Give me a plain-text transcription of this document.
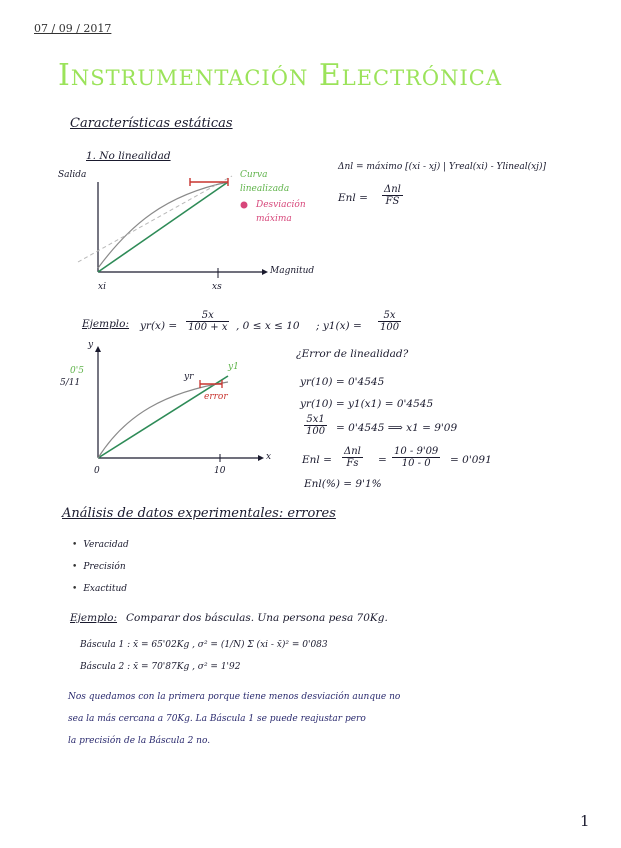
07 / 09 / 2017
Instrumentación Electrónica
Características estáticas
1. No linealidad
Salida
Magnitud
xi	xs
Curva linealizada
Desviación máxima
Δnl = máximo [(xi - xj) | Yreal(xi) - Ylineal(xj)]
Enl =
Δnl
FS
Ejemplo: $yr(x) = \frac{5x}{100 + x}$ , 0 ≤ x ≤ 10 ; $y1(x) = \frac{5x}{100}$
y
0'5
5/11
0	10
x
yr
y1
error
¿Error de linealidad?
yr(10) = 0'4545
yr(10) = y1(x1) = 0'4545
$\frac{5x1}{100} = 0'4545$ ⟹ x1 = 9'09
Enl =
Δnl
Fs	= $\frac{10 - 9'09}{10 - 0} = 0'091$
Enl(%) = 9'1%
Análisis de datos experimentales: errores
• Veracidad
• Precisión
• Exactitud
Ejemplo: Comparar dos básculas. Una persona pesa 70Kg.
Báscula 1 : x̄ = 65'02Kg , σ² = (1/N) Σ (xi - x̄)² = 0'083
Báscula 2 : x̄ = 70'87Kg , σ² = 1'92
Nos quedamos con la primera porque tiene menos desviación aunque no
sea la más cercana a 70Kg. La Báscula 1 se puede reajustar pero
la precisión de la Báscula 2 no.
1
